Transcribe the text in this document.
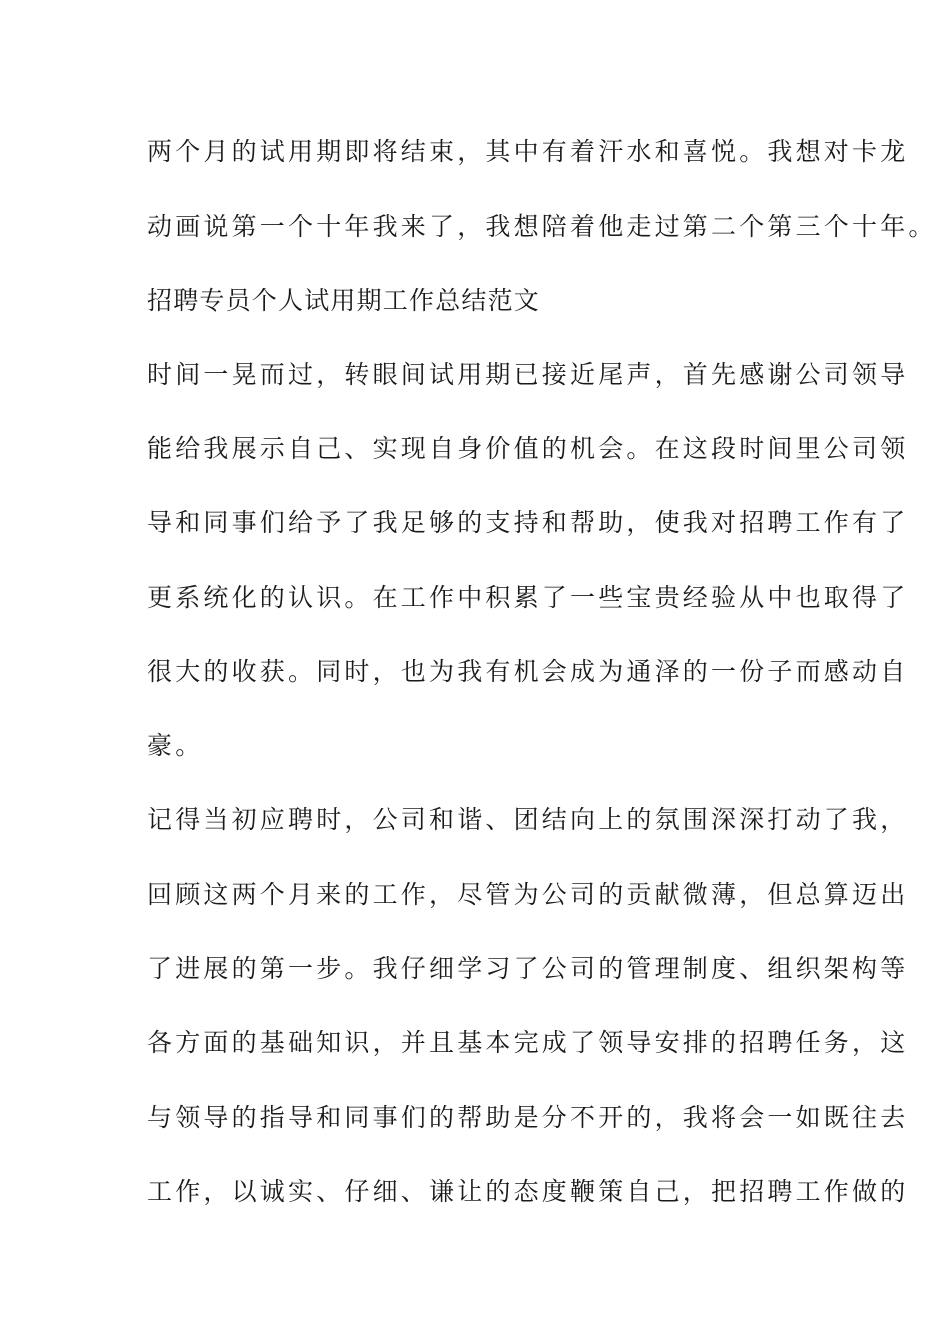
两个月的试用期即将结束，其中有着汗水和喜悦。我想对卡龙
动画说第一个十年我来了，我想陪着他走过第二个第三个十年。
招聘专员个人试用期工作总结范文
时间一晃而过，转眼间试用期已接近尾声，首先感谢公司领导
能给我展示自己、实现自身价值的机会。在这段时间里公司领
导和同事们给予了我足够的支持和帮助，使我对招聘工作有了
更系统化的认识。在工作中积累了一些宝贵经验从中也取得了
很大的收获。同时，也为我有机会成为通泽的一份子而感动自
豪。
记得当初应聘时，公司和谐、团结向上的氛围深深打动了我，
回顾这两个月来的工作，尽管为公司的贡献微薄，但总算迈出
了进展的第一步。我仔细学习了公司的管理制度、组织架构等
各方面的基础知识，并且基本完成了领导安排的招聘任务，这
与领导的指导和同事们的帮助是分不开的，我将会一如既往去
工作，以诚实、仔细、谦让的态度鞭策自己，把招聘工作做的
